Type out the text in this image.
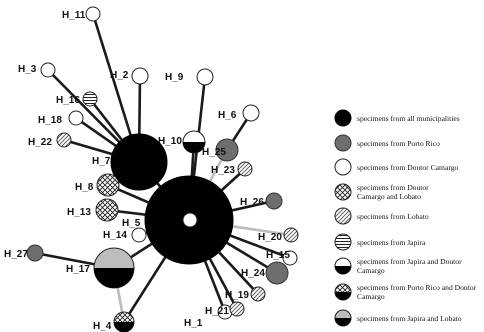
H_1
H_2
H_3
H_4
H_5
H_6
H_7
H_8
H_9
H_10
H_11
H_13
H_14
H_15
H_16
H_17
H_18
H_19
H_20
H_21
H_22
H_23
H_24
H_25
H_26
H_27
specimens from all municipalities
specimens from Porto Rico
specimens from Doutor Camargo
specimens from Doutor
Camargo and Lobato
specimens from Lobato
specimens from Japira
specimens from Japira and Doutor
Camargo
specimens from Porto Rico and Doutor
Camargo
specimens from Japira and Lobato
